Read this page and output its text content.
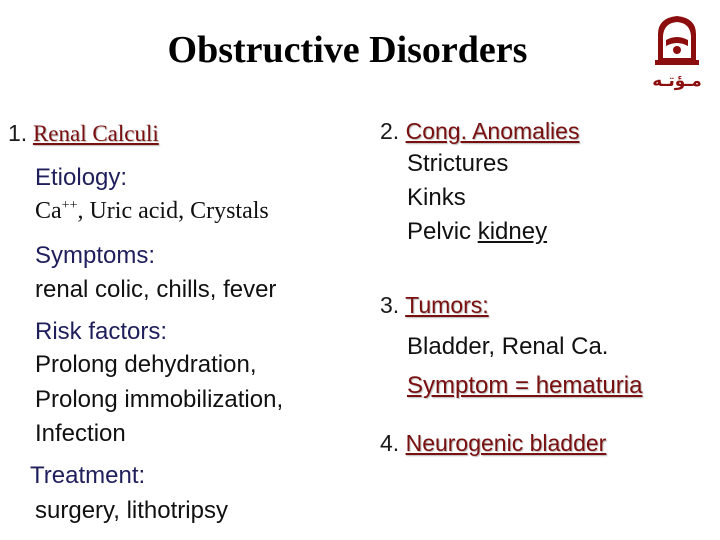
Obstructive Disorders
مـؤتـه
1. Renal Calculi
Etiology:
Ca++, Uric acid, Crystals
Symptoms:
renal colic, chills, fever
Risk factors:
Prolong dehydration,
Prolong immobilization,
Infection
Treatment:
surgery, lithotripsy
2. Cong. Anomalies
Strictures
Kinks
Pelvic kidney
3. Tumors:
Bladder, Renal Ca.
Symptom = hematuria
4. Neurogenic bladder
